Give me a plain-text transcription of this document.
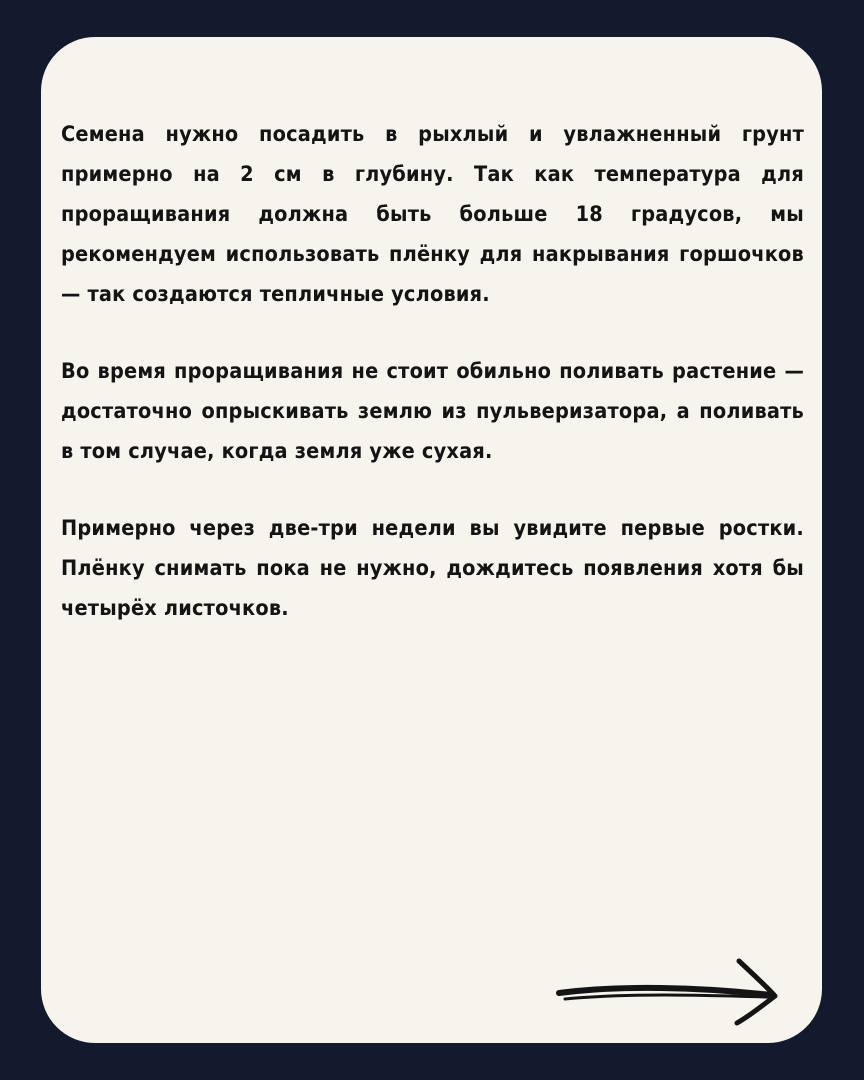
Семена нужно посадить в рыхлый и увлажненный грунт примерно на 2 см в глубину. Так как температура для проращивания должна быть больше 18 градусов, мы рекомендуем использовать плёнку для накрывания горшочков — так создаются тепличные условия.

Во время проращивания не стоит обильно поливать растение — достаточно опрыскивать землю из пульверизатора, а поливать в том случае, когда земля уже сухая.

Примерно через две-три недели вы увидите первые ростки. Плёнку снимать пока не нужно, дождитесь появления хотя бы четырёх листочков.
